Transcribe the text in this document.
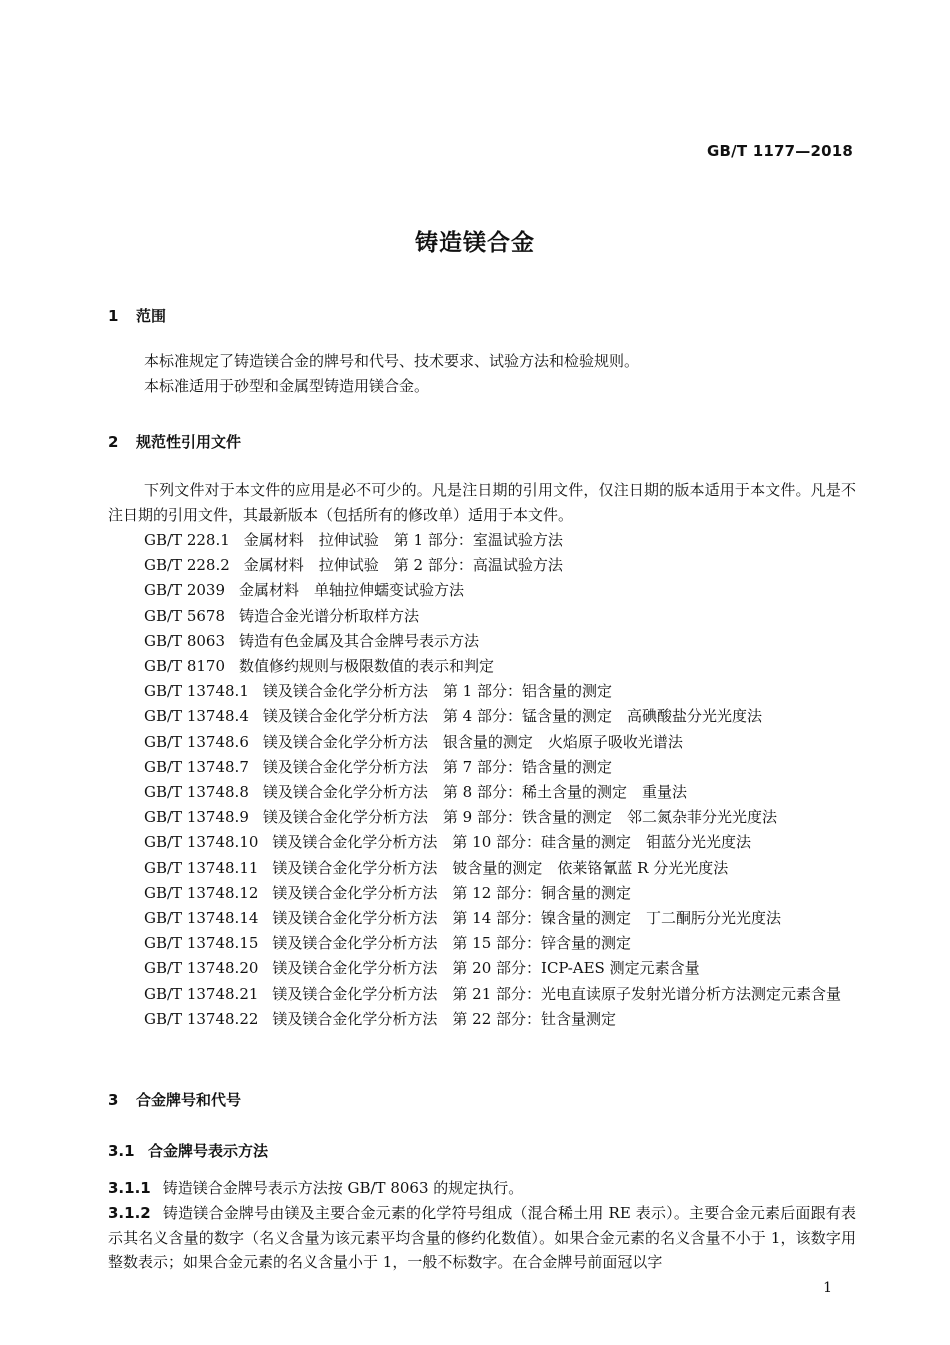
GB/T 1177—2018
铸造镁合金
1 范围
本标准规定了铸造镁合金的牌号和代号、技术要求、试验方法和检验规则。
本标准适用于砂型和金属型铸造用镁合金。
2 规范性引用文件
下列文件对于本文件的应用是必不可少的。凡是注日期的引用文件，仅注日期的版本适用于本文件。凡是不注日期的引用文件，其最新版本（包括所有的修改单）适用于本文件。
GB/T 228.1 金属材料　拉伸试验　第 1 部分：室温试验方法
GB/T 228.2 金属材料　拉伸试验　第 2 部分：高温试验方法
GB/T 2039 金属材料　单轴拉伸蠕变试验方法
GB/T 5678 铸造合金光谱分析取样方法
GB/T 8063 铸造有色金属及其合金牌号表示方法
GB/T 8170 数值修约规则与极限数值的表示和判定
GB/T 13748.1 镁及镁合金化学分析方法　第 1 部分：铝含量的测定
GB/T 13748.4 镁及镁合金化学分析方法　第 4 部分：锰含量的测定　高碘酸盐分光光度法
GB/T 13748.6 镁及镁合金化学分析方法　银含量的测定　火焰原子吸收光谱法
GB/T 13748.7 镁及镁合金化学分析方法　第 7 部分：锆含量的测定
GB/T 13748.8 镁及镁合金化学分析方法　第 8 部分：稀土含量的测定　重量法
GB/T 13748.9 镁及镁合金化学分析方法　第 9 部分：铁含量的测定　邻二氮杂菲分光光度法
GB/T 13748.10 镁及镁合金化学分析方法　第 10 部分：硅含量的测定　钼蓝分光光度法
GB/T 13748.11 镁及镁合金化学分析方法　铍含量的测定　依莱铬氰蓝 R 分光光度法
GB/T 13748.12 镁及镁合金化学分析方法　第 12 部分：铜含量的测定
GB/T 13748.14 镁及镁合金化学分析方法　第 14 部分：镍含量的测定　丁二酮肟分光光度法
GB/T 13748.15 镁及镁合金化学分析方法　第 15 部分：锌含量的测定
GB/T 13748.20 镁及镁合金化学分析方法　第 20 部分：ICP-AES 测定元素含量
GB/T 13748.21 镁及镁合金化学分析方法　第 21 部分：光电直读原子发射光谱分析方法测定元素含量
GB/T 13748.22 镁及镁合金化学分析方法　第 22 部分：钍含量测定
3 合金牌号和代号
3.1 合金牌号表示方法
3.1.1 铸造镁合金牌号表示方法按 GB/T 8063 的规定执行。
3.1.2 铸造镁合金牌号由镁及主要合金元素的化学符号组成（混合稀土用 RE 表示）。主要合金元素后面跟有表示其名义含量的数字（名义含量为该元素平均含量的修约化数值）。如果合金元素的名义含量不小于 1，该数字用整数表示；如果合金元素的名义含量小于 1，一般不标数字。在合金牌号前面冠以字
1
